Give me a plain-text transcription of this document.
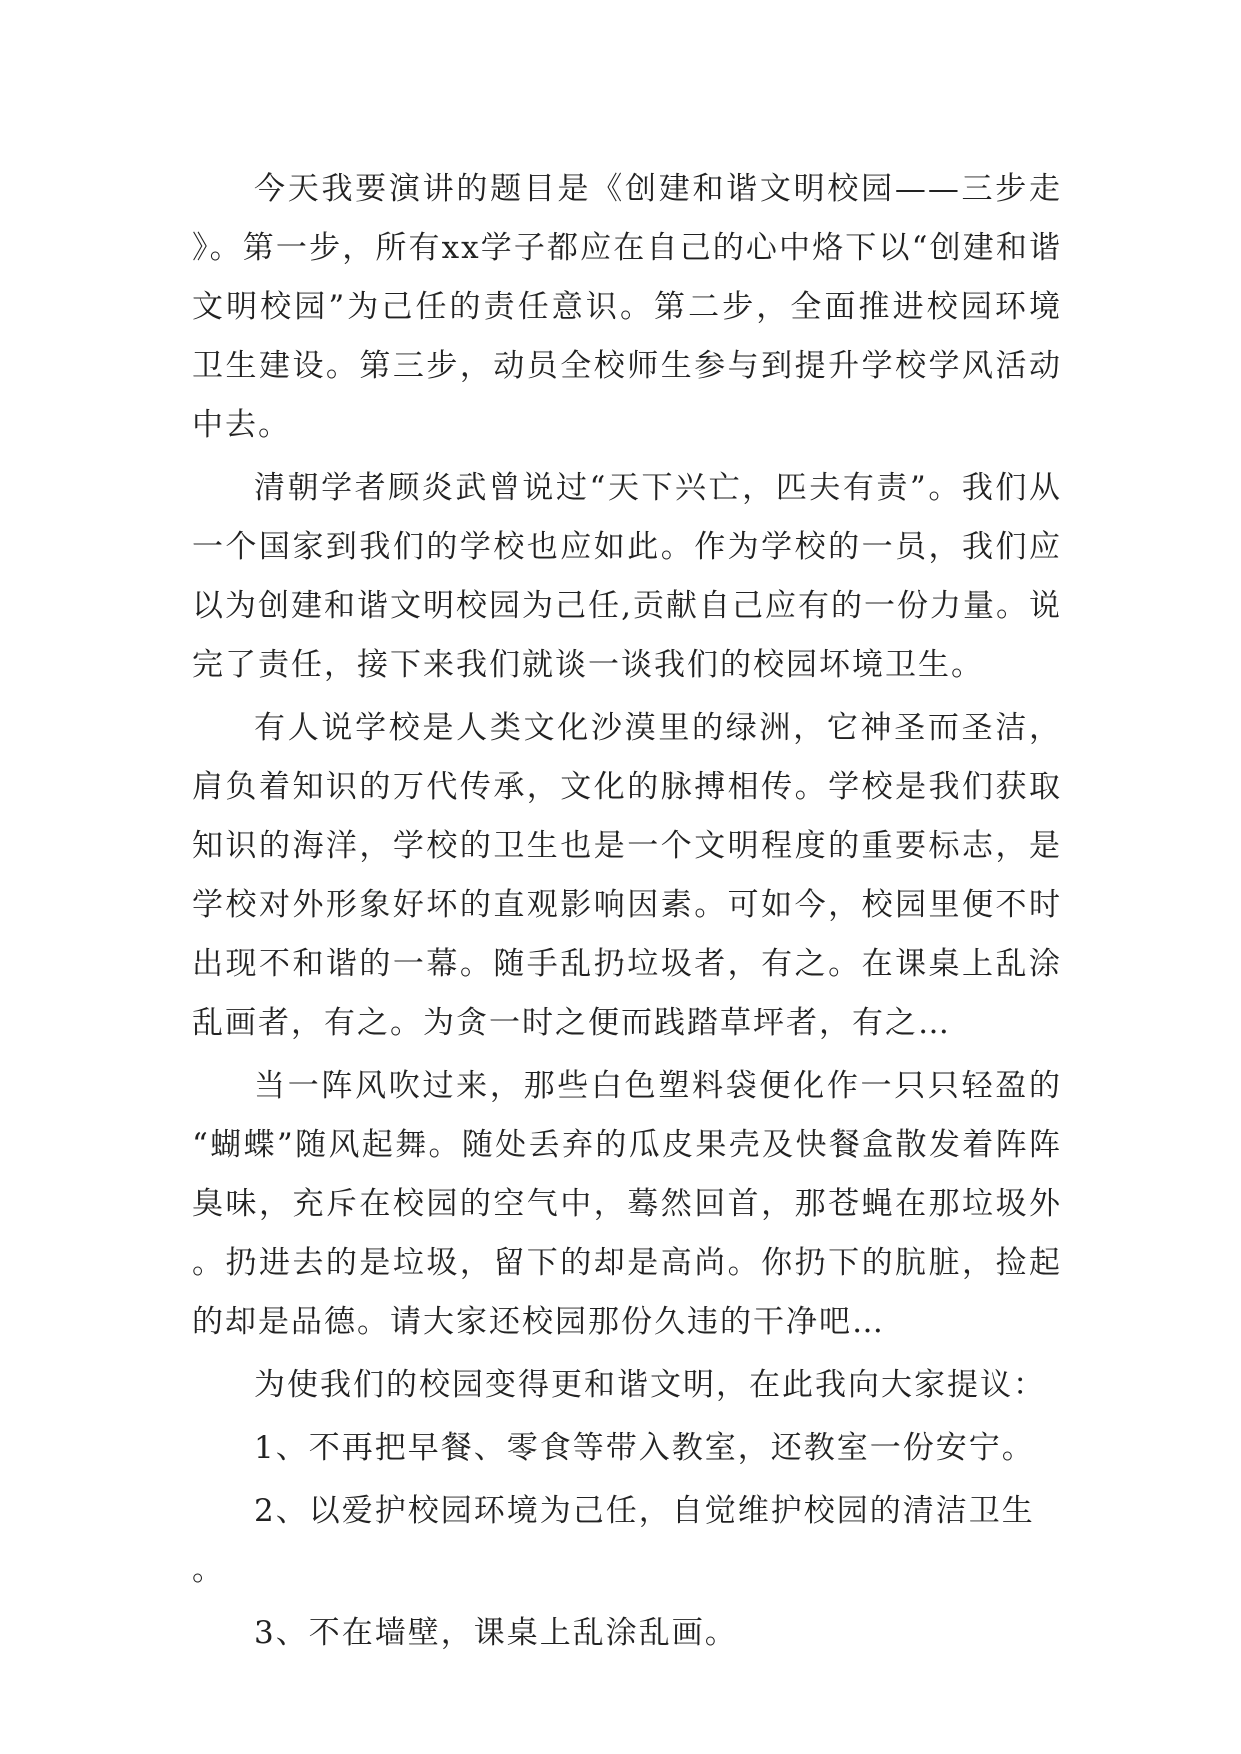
今天我要演讲的题目是《创建和谐文明校园——三步走》。第一步，所有xx学子都应在自己的心中烙下以“创建和谐文明校园”为己任的责任意识。第二步，全面推进校园环境卫生建设。第三步，动员全校师生参与到提升学校学风活动中去。

清朝学者顾炎武曾说过“天下兴亡，匹夫有责”。我们从一个国家到我们的学校也应如此。作为学校的一员，我们应以为创建和谐文明校园为己任,贡献自己应有的一份力量。说完了责任，接下来我们就谈一谈我们的校园坏境卫生。

有人说学校是人类文化沙漠里的绿洲，它神圣而圣洁，肩负着知识的万代传承，文化的脉搏相传。学校是我们获取知识的海洋，学校的卫生也是一个文明程度的重要标志，是学校对外形象好坏的直观影响因素。可如今，校园里便不时出现不和谐的一幕。随手乱扔垃圾者，有之。在课桌上乱涂乱画者，有之。为贪一时之便而践踏草坪者，有之…

当一阵风吹过来，那些白色塑料袋便化作一只只轻盈的“蝴蝶”随风起舞。随处丢弃的瓜皮果壳及快餐盒散发着阵阵臭味，充斥在校园的空气中，蓦然回首，那苍蝇在那垃圾外。扔进去的是垃圾，留下的却是高尚。你扔下的肮脏，捡起的却是品德。请大家还校园那份久违的干净吧…

为使我们的校园变得更和谐文明，在此我向大家提议：

1、不再把早餐、零食等带入教室，还教室一份安宁。

2、以爱护校园环境为己任，自觉维护校园的清洁卫生。

3、不在墙壁，课桌上乱涂乱画。
